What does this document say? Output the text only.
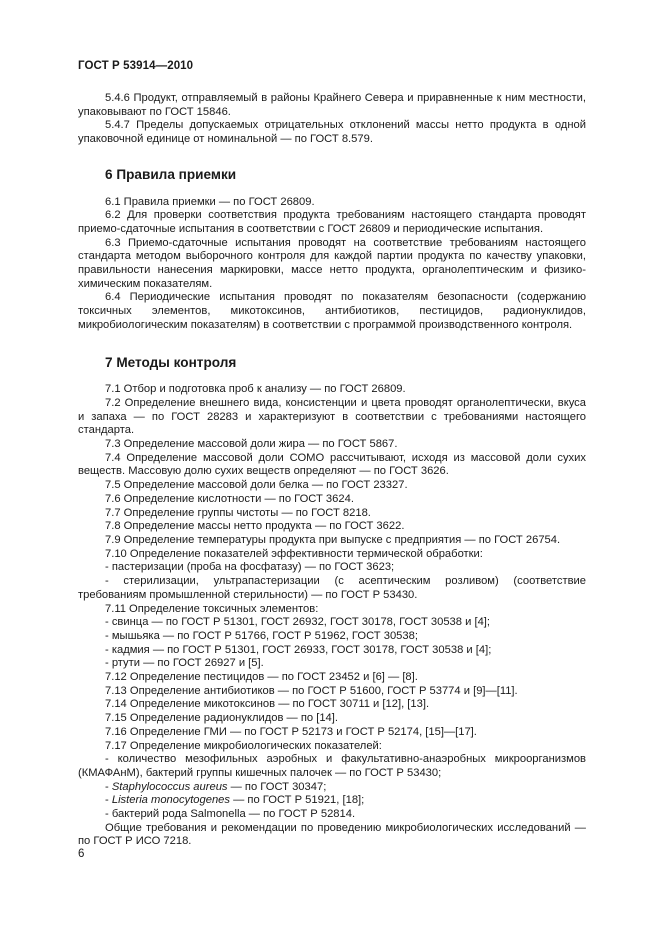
ГОСТ Р 53914—2010

5.4.6 Продукт, отправляемый в районы Крайнего Севера и приравненные к ним местности, упаковывают по ГОСТ 15846.

5.4.7 Пределы допускаемых отрицательных отклонений массы нетто продукта в одной упаковочной единице от номинальной — по ГОСТ 8.579.

6 Правила приемки

6.1 Правила приемки — по ГОСТ 26809.

6.2 Для проверки соответствия продукта требованиям настоящего стандарта проводят приемо-сдаточные испытания в соответствии с ГОСТ 26809 и периодические испытания.

6.3 Приемо-сдаточные испытания проводят на соответствие требованиям настоящего стандарта методом выборочного контроля для каждой партии продукта по качеству упаковки, правильности нанесения маркировки, массе нетто продукта, органолептическим и физико-химическим показателям.

6.4 Периодические испытания проводят по показателям безопасности (содержанию токсичных элементов, микотоксинов, антибиотиков, пестицидов, радионуклидов, микробиологическим показателям) в соответствии с программой производственного контроля.

7 Методы контроля

7.1 Отбор и подготовка проб к анализу — по ГОСТ 26809.

7.2 Определение внешнего вида, консистенции и цвета проводят органолептически, вкуса и запаха — по ГОСТ 28283 и характеризуют в соответствии с требованиями настоящего стандарта.

7.3 Определение массовой доли жира — по ГОСТ 5867.

7.4 Определение массовой доли СОМО рассчитывают, исходя из массовой доли сухих веществ. Массовую долю сухих веществ определяют — по ГОСТ 3626.

7.5 Определение массовой доли белка — по ГОСТ 23327.

7.6 Определение кислотности — по ГОСТ 3624.

7.7 Определение группы чистоты — по ГОСТ 8218.

7.8 Определение массы нетто продукта — по ГОСТ 3622.

7.9 Определение температуры продукта при выпуске с предприятия — по ГОСТ 26754.

7.10 Определение показателей эффективности термической обработки:

- пастеризации (проба на фосфатазу) — по ГОСТ 3623;

- стерилизации, ультрапастеризации (с асептическим розливом) (соответствие требованиям промышленной стерильности) — по ГОСТ Р 53430.

7.11 Определение токсичных элементов:

- свинца — по ГОСТ Р 51301, ГОСТ 26932, ГОСТ 30178, ГОСТ 30538 и [4];

- мышьяка — по ГОСТ Р 51766, ГОСТ Р 51962, ГОСТ 30538;

- кадмия — по ГОСТ Р 51301, ГОСТ 26933, ГОСТ 30178, ГОСТ 30538 и [4];

- ртути — по ГОСТ 26927 и [5].

7.12 Определение пестицидов — по ГОСТ 23452 и [6] — [8].

7.13 Определение антибиотиков — по ГОСТ Р 51600, ГОСТ Р 53774 и [9]—[11].

7.14 Определение микотоксинов — по ГОСТ 30711 и [12], [13].

7.15 Определение радионуклидов — по [14].

7.16 Определение ГМИ — по ГОСТ Р 52173 и ГОСТ Р 52174, [15]—[17].

7.17 Определение микробиологических показателей:

- количество мезофильных аэробных и факультативно-анаэробных микроорганизмов (КМАФАнМ), бактерий группы кишечных палочек — по ГОСТ Р 53430;

- Staphylococcus aureus — по ГОСТ 30347;

- Listeria monocytogenes — по ГОСТ Р 51921, [18];

- бактерий рода Salmonella — по ГОСТ Р 52814.

Общие требования и рекомендации по проведению микробиологических исследований — по ГОСТ Р ИСО 7218.

6
